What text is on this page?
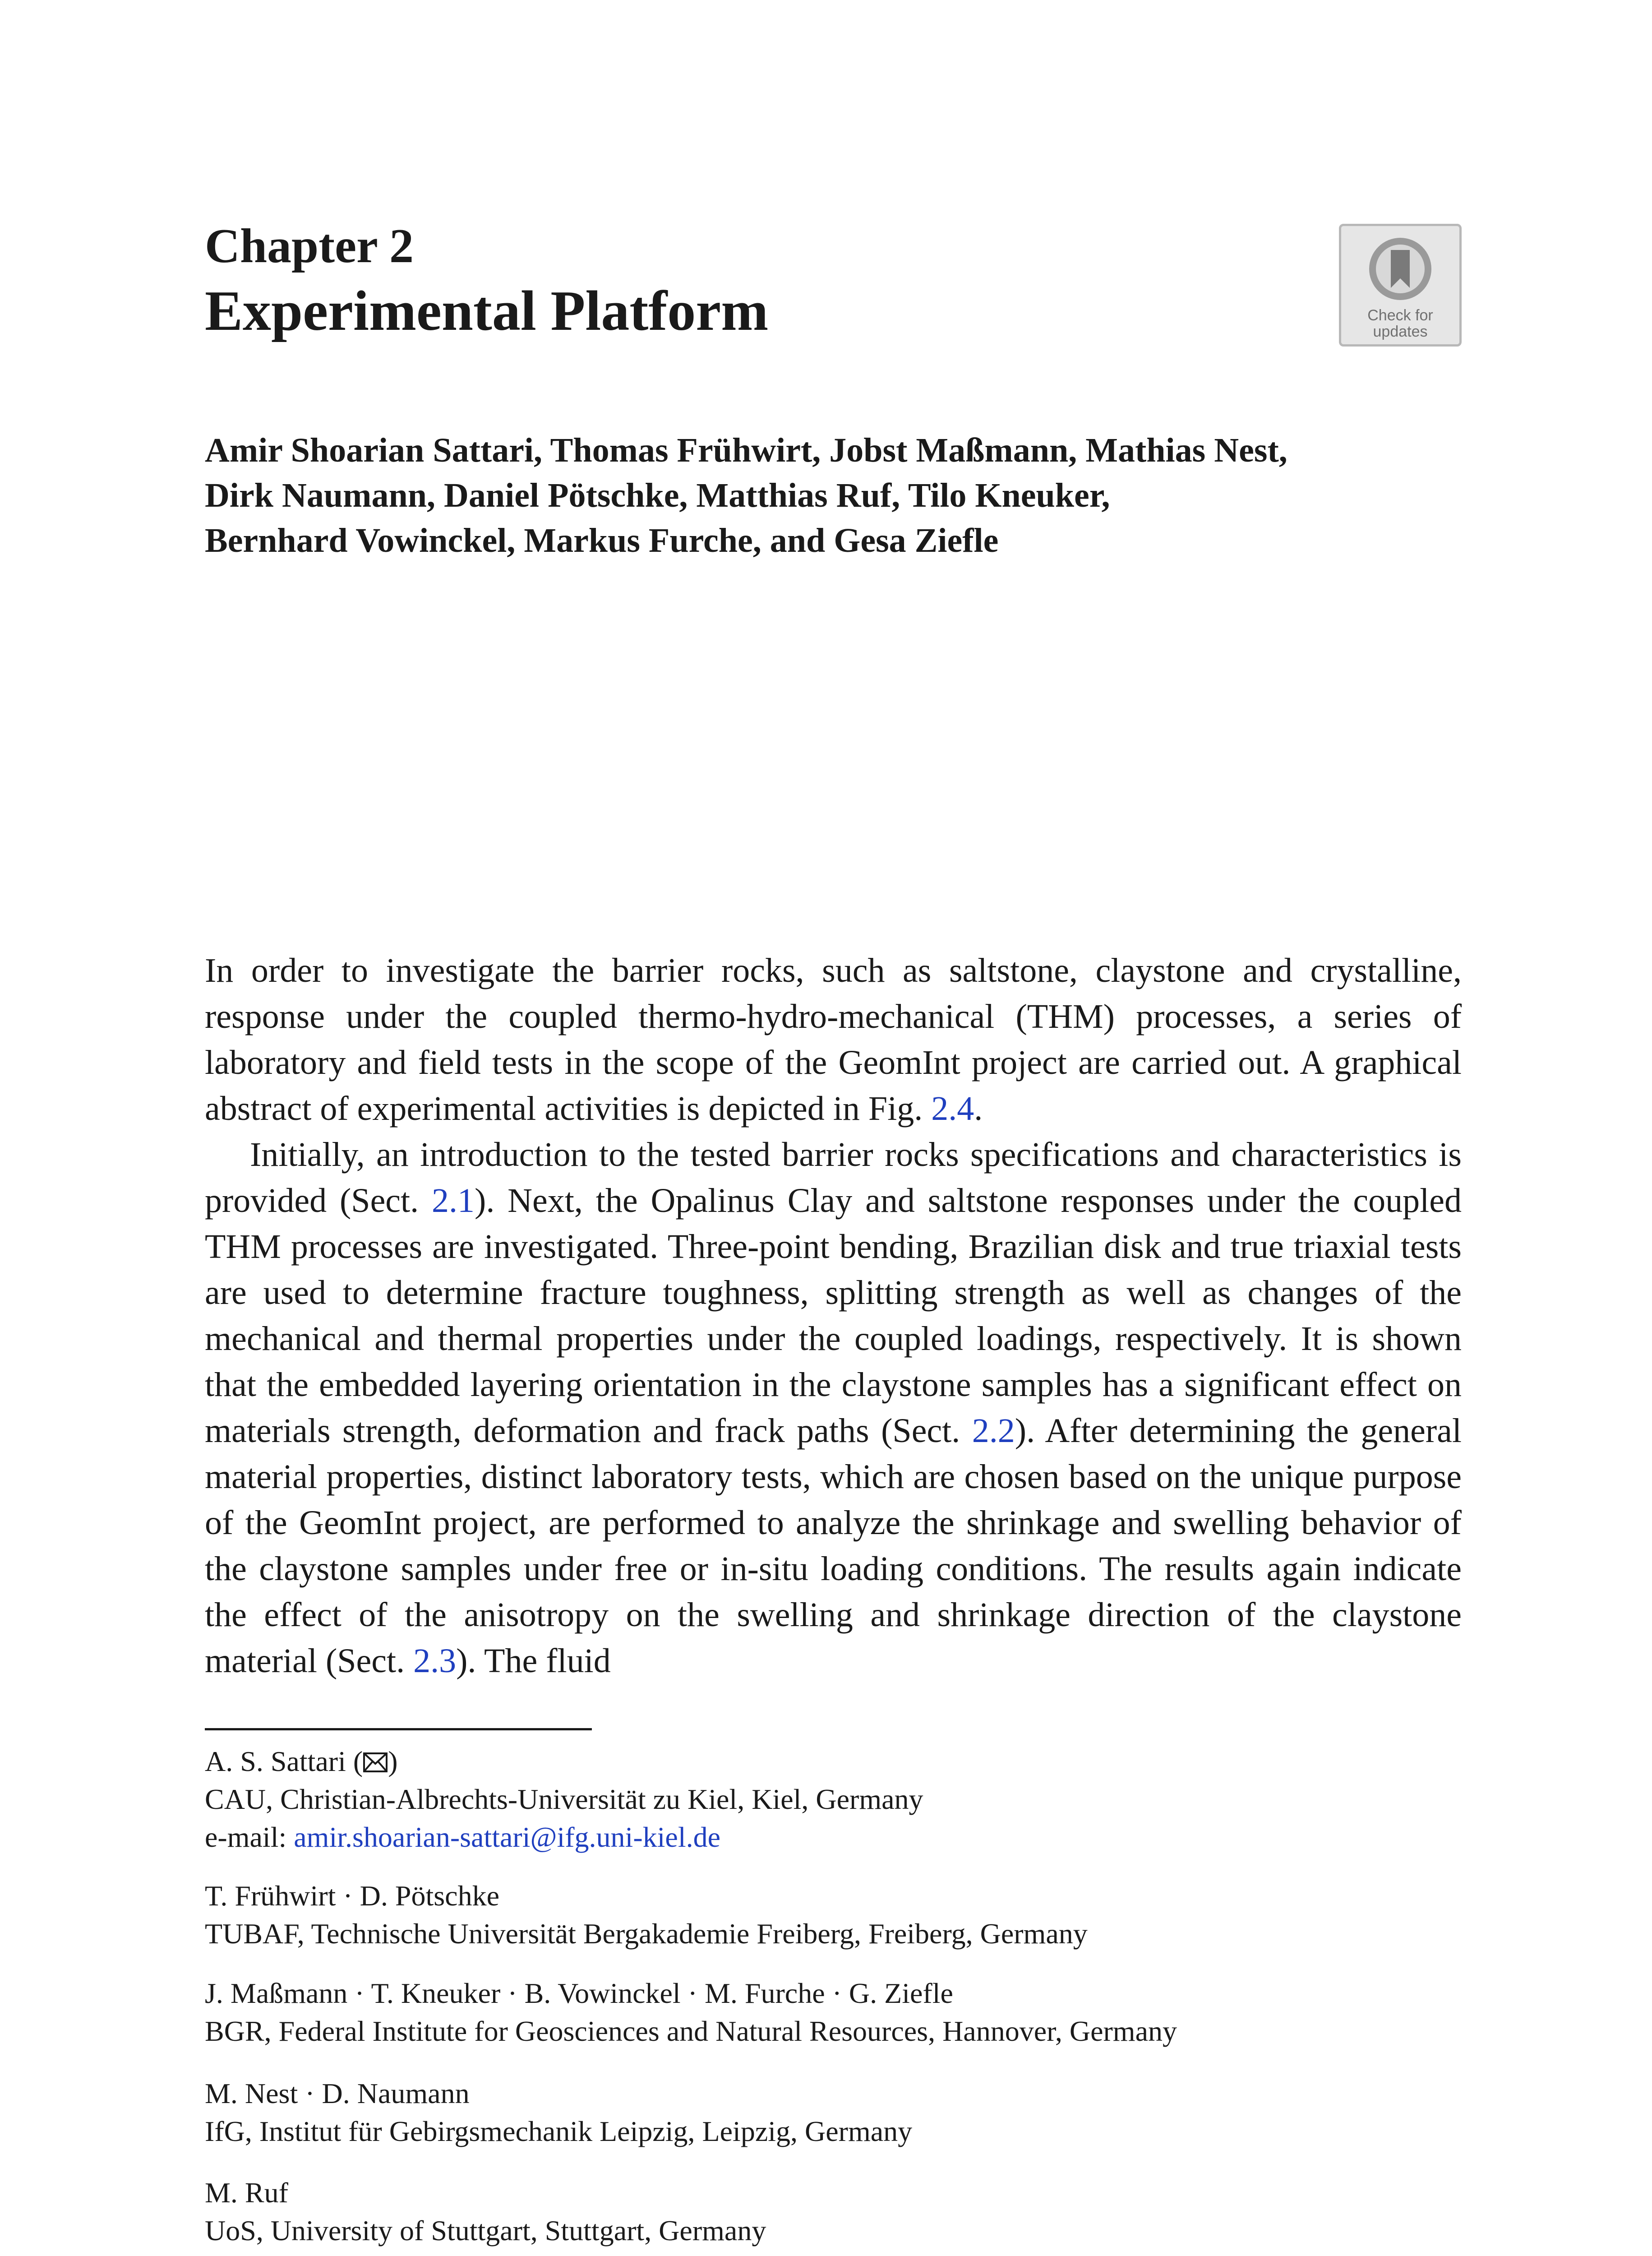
Chapter 2
Experimental Platform	Check for
updates
Amir Shoarian Sattari, Thomas Frühwirt, Jobst Maßmann, Mathias Nest,
Dirk Naumann, Daniel Pötschke, Matthias Ruf, Tilo Kneuker,
Bernhard Vowinckel, Markus Furche, and Gesa Ziefle

In order to investigate the barrier rocks, such as saltstone, claystone and crystalline, response under the coupled thermo-hydro-mechanical (THM) processes, a series of laboratory and field tests in the scope of the GeomInt project are carried out. A graphical abstract of experimental activities is depicted in Fig. 2.4.

Initially, an introduction to the tested barrier rocks specifications and characteristics is provided (Sect. 2.1). Next, the Opalinus Clay and saltstone responses under the coupled THM processes are investigated. Three-point bending, Brazilian disk and true triaxial tests are used to determine fracture toughness, splitting strength as well as changes of the mechanical and thermal properties under the coupled loadings, respectively. It is shown that the embedded layering orientation in the claystone samples has a significant effect on materials strength, deformation and frack paths (Sect. 2.2). After determining the general material properties, distinct laboratory tests, which are chosen based on the unique purpose of the GeomInt project, are performed to analyze the shrinkage and swelling behavior of the claystone samples under free or in-situ loading conditions. The results again indicate the effect of the anisotropy on the swelling and shrinkage direction of the claystone material (Sect. 2.3). The fluid

A. S. Sattari ( )
CAU, Christian-Albrechts-Universität zu Kiel, Kiel, Germany
e-mail: amir.shoarian-sattari@ifg.uni-kiel.de
T. Frühwirt · D. Pötschke
TUBAF, Technische Universität Bergakademie Freiberg, Freiberg, Germany
J. Maßmann · T. Kneuker · B. Vowinckel · M. Furche · G. Ziefle
BGR, Federal Institute for Geosciences and Natural Resources, Hannover, Germany
M. Nest · D. Naumann
IfG, Institut für Gebirgsmechanik Leipzig, Leipzig, Germany
M. Ruf
UoS, University of Stuttgart, Stuttgart, Germany
